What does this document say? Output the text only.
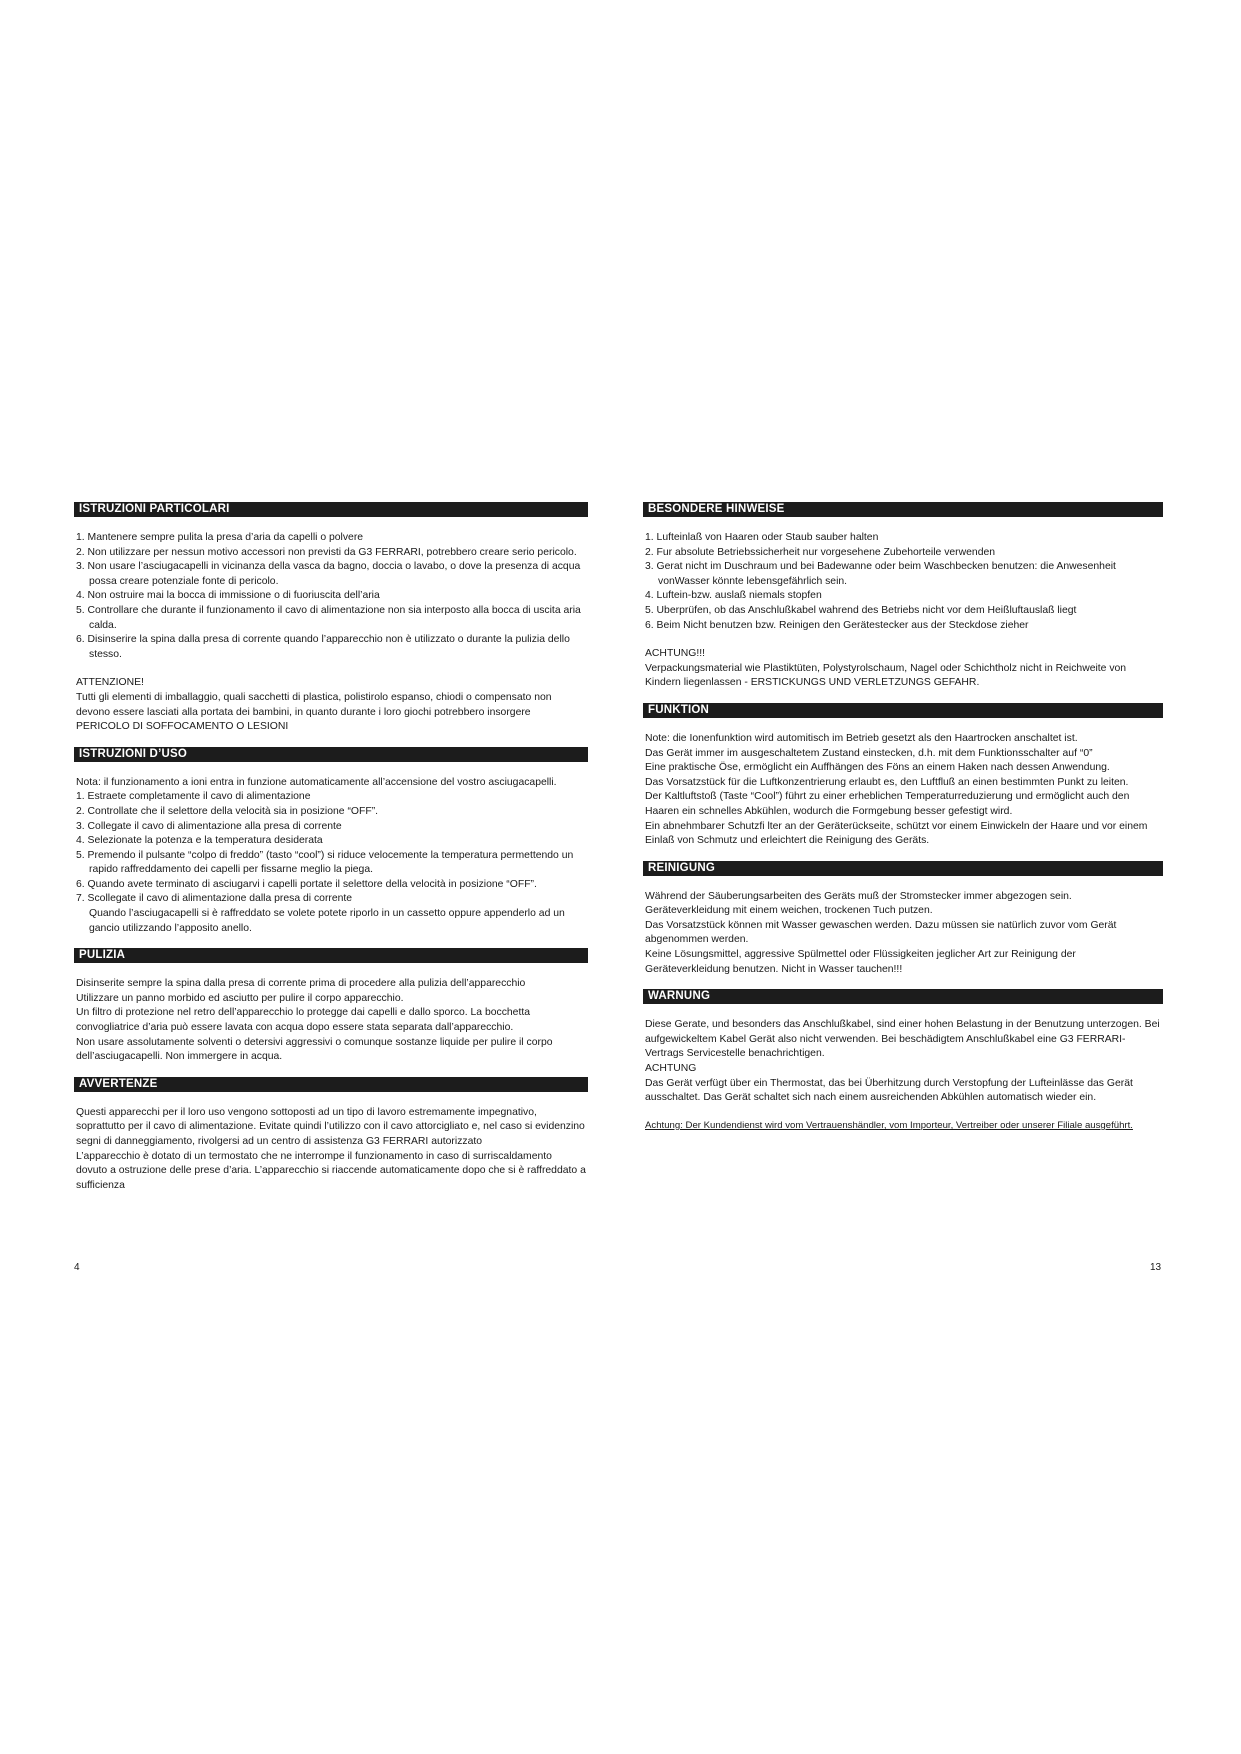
ISTRUZIONI PARTICOLARI
1. Mantenere sempre pulita la presa d’aria da capelli o polvere
2. Non utilizzare per nessun motivo accessori non previsti da G3 FERRARI, potrebbero creare serio pericolo.
3. Non usare l’asciugacapelli in vicinanza della vasca da bagno, doccia o lavabo, o dove la presenza di acqua possa creare potenziale fonte di pericolo.
4. Non ostruire mai la bocca di immissione o di fuoriuscita dell’aria
5. Controllare che durante il funzionamento il cavo di alimentazione non sia interposto alla bocca di uscita aria calda.
6. Disinserire la spina dalla presa di corrente quando l’apparecchio non è utilizzato o durante la pulizia dello stesso.

ATTENZIONE!

Tutti gli elementi di imballaggio, quali sacchetti di plastica, polistirolo espanso, chiodi o compensato non devono essere lasciati alla portata dei bambini, in quanto durante i loro giochi potrebbero insorgere PERICOLO DI SOFFOCAMENTO O LESIONI

ISTRUZIONI D’USO

Nota: il funzionamento a ioni entra in funzione automaticamente all’accensione del vostro asciugacapelli.

1. Estraete completamente il cavo di alimentazione
2. Controllate che il selettore della velocità sia in posizione “OFF”.
3. Collegate il cavo di alimentazione alla presa di corrente
4. Selezionate la potenza e la temperatura desiderata
5. Premendo il pulsante “colpo di freddo” (tasto “cool”) si riduce velocemente la temperatura permettendo un rapido raffreddamento dei capelli per fissarne meglio la piega.
6. Quando avete terminato di asciugarvi i capelli portate il selettore della velocità in posizione “OFF”.
7. Scollegate il cavo di alimentazione dalla presa di corrente

Quando l’asciugacapelli si è raffreddato se volete potete riporlo in un cassetto oppure appenderlo ad un gancio utilizzando l’apposito anello.

PULIZIA

Disinserite sempre la spina dalla presa di corrente prima di procedere alla pulizia dell’apparecchio

Utilizzare un panno morbido ed asciutto per pulire il corpo apparecchio.

Un filtro di protezione nel retro dell’apparecchio lo protegge dai capelli e dallo sporco. La bocchetta convogliatrice d’aria può essere lavata con acqua dopo essere stata separata dall’apparecchio.

Non usare assolutamente solventi o detersivi aggressivi o comunque sostanze liquide per pulire il corpo dell’asciugacapelli. Non immergere in acqua.

AVVERTENZE

Questi apparecchi per il loro uso vengono sottoposti ad un tipo di lavoro estremamente impegnativo, soprattutto per il cavo di alimentazione. Evitate quindi l’utilizzo con il cavo attorcigliato e, nel caso si evidenzino segni di danneggiamento, rivolgersi ad un centro di assistenza G3 FERRARI autorizzato

L’apparecchio è dotato di un termostato che ne interrompe il funzionamento in caso di surriscaldamento dovuto a ostruzione delle prese d’aria. L’apparecchio si riaccende automaticamente dopo che si è raffreddato a sufficienza

BESONDERE HINWEISE
1. Lufteinlaß von Haaren oder Staub sauber halten
2. Fur absolute Betriebssicherheit nur vorgesehene Zubehorteile verwenden
3. Gerat nicht im Duschraum und bei Badewanne oder beim Waschbecken benutzen: die Anwesenheit vonWasser könnte lebensgefährlich sein.
4. Luftein-bzw. auslaß niemals stopfen
5. Uberprüfen, ob das Anschlußkabel wahrend des Betriebs nicht vor dem Heißluftauslaß liegt
6. Beim Nicht benutzen bzw. Reinigen den Gerätestecker aus der Steckdose zieher

ACHTUNG!!!

Verpackungsmaterial wie Plastiktüten, Polystyrolschaum, Nagel oder Schichtholz nicht in Reichweite von Kindern liegenlassen - ERSTICKUNGS UND VERLETZUNGS GEFAHR.

FUNKTION

Note: die Ionenfunktion wird automitisch im Betrieb gesetzt als den Haartrocken anschaltet ist.

Das Gerät immer im ausgeschaltetem Zustand einstecken, d.h. mit dem Funktionsschalter auf “0”

Eine praktische Öse, ermöglicht ein Auffhängen des Föns an einem Haken nach dessen Anwendung.

Das Vorsatzstück für die Luftkonzentrierung erlaubt es, den Luftfluß an einen bestimmten Punkt zu leiten.

Der Kaltluftstoß (Taste “Cool”) führt zu einer erheblichen Temperaturreduzierung und ermöglicht auch den Haaren ein schnelles Abkühlen, wodurch die Formgebung besser gefestigt wird.

Ein abnehmbarer Schutzfi lter an der Geräterückseite, schützt vor einem Einwickeln der Haare und vor einem Einlaß von Schmutz und erleichtert die Reinigung des Geräts.

REINIGUNG

Während der Säuberungsarbeiten des Geräts muß der Stromstecker immer abgezogen sein.

Geräteverkleidung mit einem weichen, trockenen Tuch putzen.

Das Vorsatzstück können mit Wasser gewaschen werden. Dazu müssen sie natürlich zuvor vom Gerät abgenommen werden.

Keine Lösungsmittel, aggressive Spülmettel oder Flüssigkeiten jeglicher Art zur Reinigung der Geräteverkleidung benutzen. Nicht in Wasser tauchen!!!

WARNUNG

Diese Gerate, und besonders das Anschlußkabel, sind einer hohen Belastung in der Benutzung unterzogen. Bei aufgewickeltem Kabel Gerät also nicht verwenden. Bei beschädigtem Anschlußkabel eine G3 FERRARI-Vertrags Servicestelle benachrichtigen.

ACHTUNG

Das Gerät verfügt über ein Thermostat, das bei Überhitzung durch Verstopfung der Lufteinlässe das Gerät ausschaltet. Das Gerät schaltet sich nach einem ausreichenden Abkühlen automatisch wieder ein.

Achtung: Der Kundendienst wird vom Vertrauenshändler, vom Importeur, Vertreiber oder unserer Filiale ausgeführt.
4	13
